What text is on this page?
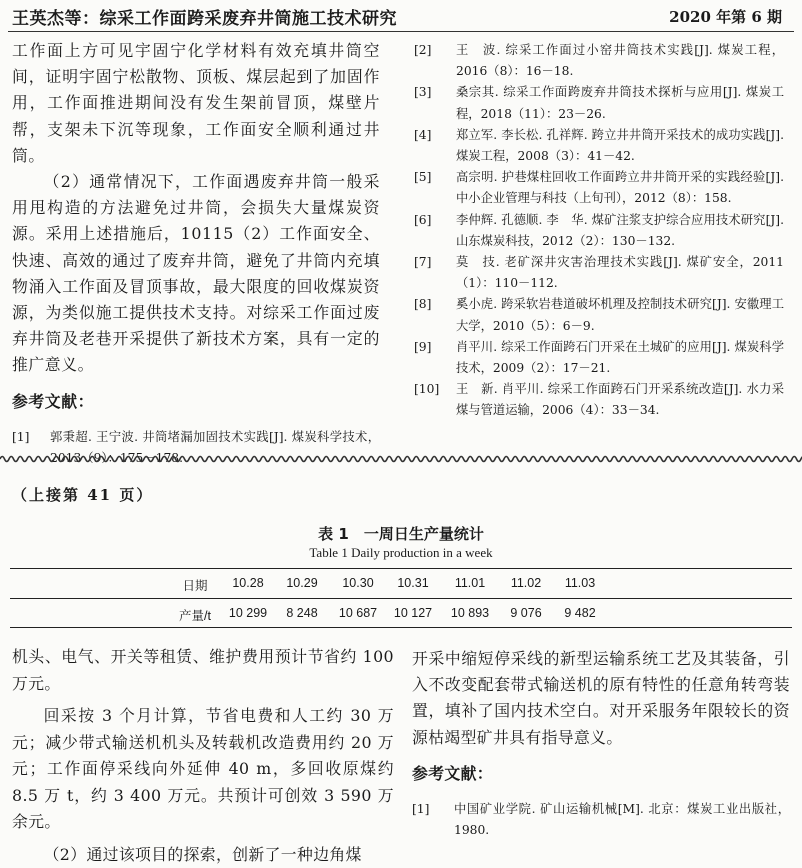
王英杰等：综采工作面跨采废弃井筒施工技术研究	2020 年第 6 期

工作面上方可见宇固宁化学材料有效充填井筒空间，证明宇固宁松散物、顶板、煤层起到了加固作用，工作面推进期间没有发生架前冒顶，煤壁片帮，支架未下沉等现象，工作面安全顺利通过井筒。

（2）通常情况下，工作面遇废弃井筒一般采用甩构造的方法避免过井筒，会损失大量煤炭资源。采用上述措施后，10115（2）工作面安全、快速、高效的通过了废弃井筒，避免了井筒内充填物涌入工作面及冒顶事故，最大限度的回收煤炭资源，为类似施工提供技术支持。对综采工作面过废弃井筒及老巷开采提供了新技术方案，具有一定的推广意义。

参考文献：

[1]	郭秉超. 王宁波. 井筒堵漏加固技术实践[J]. 煤炭科学技术，2013（9）：175－178.
[2]	王　波. 综采工作面过小窑井筒技术实践[J]. 煤炭工程，2016（8）：16－18.
[3]	桑宗其. 综采工作面跨废弃井筒技术探析与应用[J]. 煤炭工程，2018（11）：23－26.
[4]	郑立军. 李长松. 孔祥辉. 跨立井井筒开采技术的成功实践[J]. 煤炭工程，2008（3）：41－42.
[5]	高宗明. 护巷煤柱回收工作面跨立井井筒开采的实践经验[J]. 中小企业管理与科技（上旬刊），2012（8）：158.
[6]	李仲辉. 孔德顺. 李　华. 煤矿注浆支护综合应用技术研究[J]. 山东煤炭科技，2012（2）：130－132.
[7]	莫　技. 老矿深井灾害治理技术实践[J]. 煤矿安全，2011（1）：110－112.
[8]	奚小虎. 跨采软岩巷道破坏机理及控制技术研究[J]. 安徽理工大学，2010（5）：6－9.
[9]	肖平川. 综采工作面跨石门开采在土城矿的应用[J]. 煤炭科学技术，2009（2）：17－21.
[10]	王　新. 肖平川. 综采工作面跨石门开采系统改造[J]. 水力采煤与管道运输，2006（4）：33－34.
（上接第 41 页）
表 1　一周日生产量统计
Table 1 Daily production in a week
日期	10.28	10.29	10.30	10.31	11.01	11.02	11.03
产量/t	10 299	8 248	10 687	10 127	10 893	9 076	9 482

机头、电气、开关等租赁、维护费用预计节省约 100 万元。

回采按 3 个月计算，节省电费和人工约 30 万元；减少带式输送机机头及转载机改造费用约 20 万元；工作面停采线向外延伸 40 m，多回收原煤约 8.5 万 t，约 3 400 万元。共预计可创效 3 590 万余元。

（2）通过该项目的探索，创新了一种边角煤

开采中缩短停采线的新型运输系统工艺及其装备，引入不改变配套带式输送机的原有特性的任意角转弯装置，填补了国内技术空白。对开采服务年限较长的资源枯竭型矿井具有指导意义。

参考文献：

[1]	中国矿业学院. 矿山运输机械[M]. 北京：煤炭工业出版社，1980.
